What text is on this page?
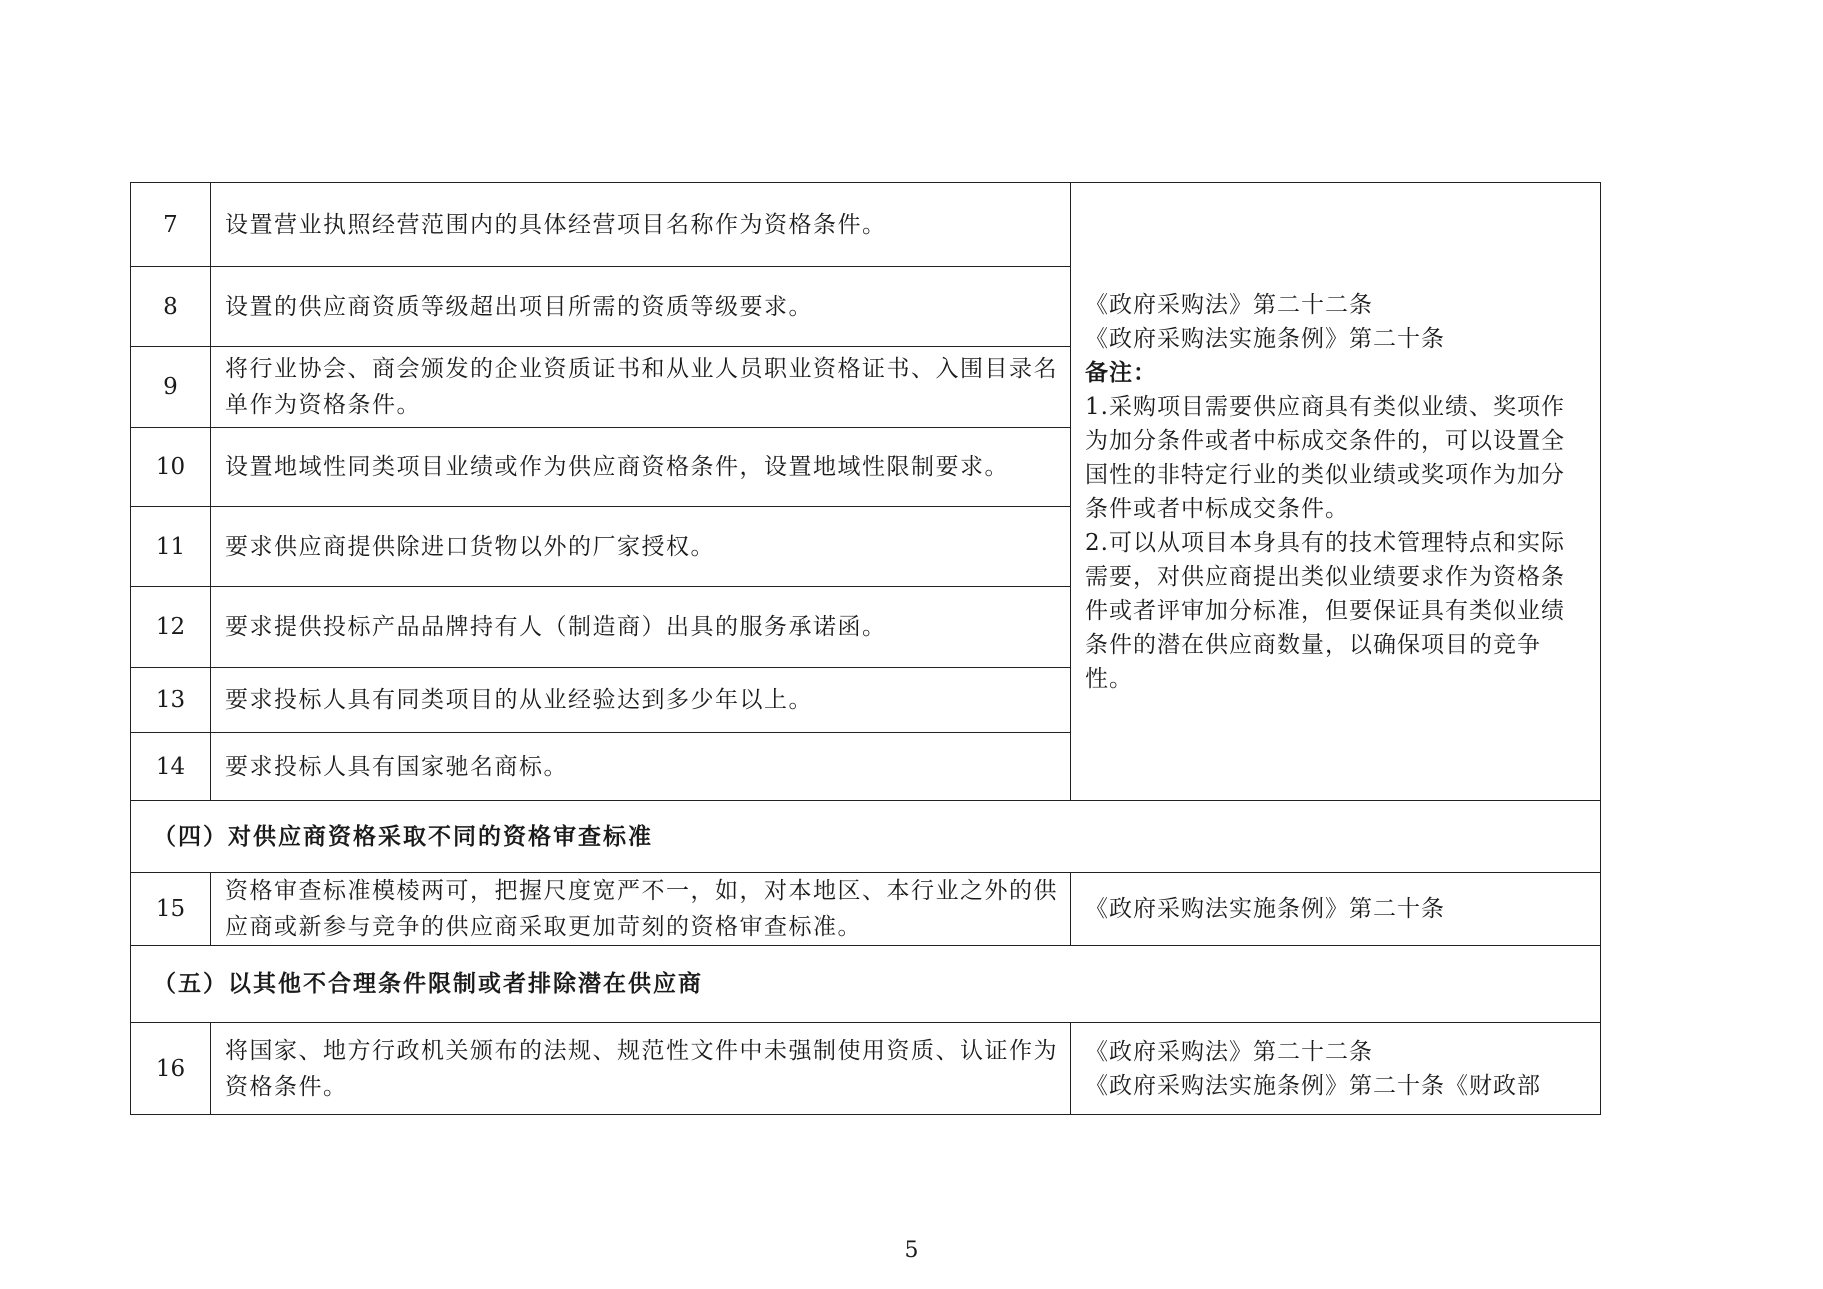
7	设置营业执照经营范围内的具体经营项目名称作为资格条件。	《政府采购法》第二十二条
《政府采购法实施条例》第二十条
备注：
1.采购项目需要供应商具有类似业绩、奖项作为加分条件或者中标成交条件的，可以设置全国性的非特定行业的类似业绩或奖项作为加分条件或者中标成交条件。
2.可以从项目本身具有的技术管理特点和实际需要，对供应商提出类似业绩要求作为资格条件或者评审加分标准，但要保证具有类似业绩条件的潜在供应商数量，以确保项目的竞争性。

8	设置的供应商资质等级超出项目所需的资质等级要求。	
9	将行业协会、商会颁发的企业资质证书和从业人员职业资格证书、入围目录名单作为资格条件。	
10	设置地域性同类项目业绩或作为供应商资格条件，设置地域性限制要求。	
11	要求供应商提供除进口货物以外的厂家授权。	
12	要求提供投标产品品牌持有人（制造商）出具的服务承诺函。	
13	要求投标人具有同类项目的从业经验达到多少年以上。	
14	要求投标人具有国家驰名商标。	
（四）对供应商资格采取不同的资格审查标准		
15	资格审查标准模棱两可，把握尺度宽严不一，如，对本地区、本行业之外的供应商或新参与竞争的供应商采取更加苛刻的资格审查标准。	《政府采购法实施条例》第二十条
（五）以其他不合理条件限制或者排除潜在供应商		
16	将国家、地方行政机关颁布的法规、规范性文件中未强制使用资质、认证作为资格条件。	《政府采购法》第二十二条
《政府采购法实施条例》第二十条《财政部
5
